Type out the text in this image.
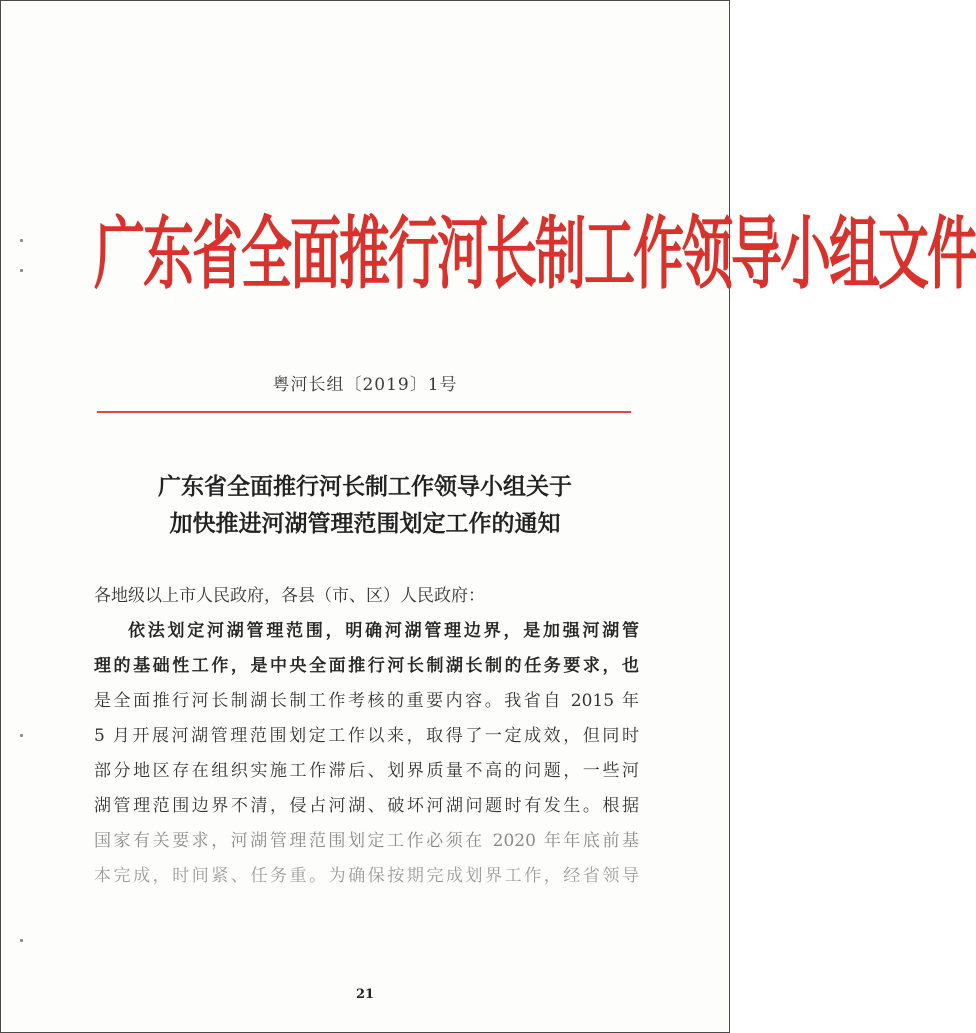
广东省全面推行河长制工作领导小组文件
粤河长组〔2019〕1号
广东省全面推行河长制工作领导小组关于
加快推进河湖管理范围划定工作的通知
各地级以上市人民政府，各县（市、区）人民政府：
依法划定河湖管理范围，明确河湖管理边界，是加强河湖管
理的基础性工作，是中央全面推行河长制湖长制的任务要求，也
是全面推行河长制湖长制工作考核的重要内容。我省自 2015 年
5 月开展河湖管理范围划定工作以来，取得了一定成效，但同时
部分地区存在组织实施工作滞后、划界质量不高的问题，一些河
湖管理范围边界不清，侵占河湖、破坏河湖问题时有发生。根据
国家有关要求，河湖管理范围划定工作必须在 2020 年年底前基
本完成，时间紧、任务重。为确保按期完成划界工作，经省领导
21
